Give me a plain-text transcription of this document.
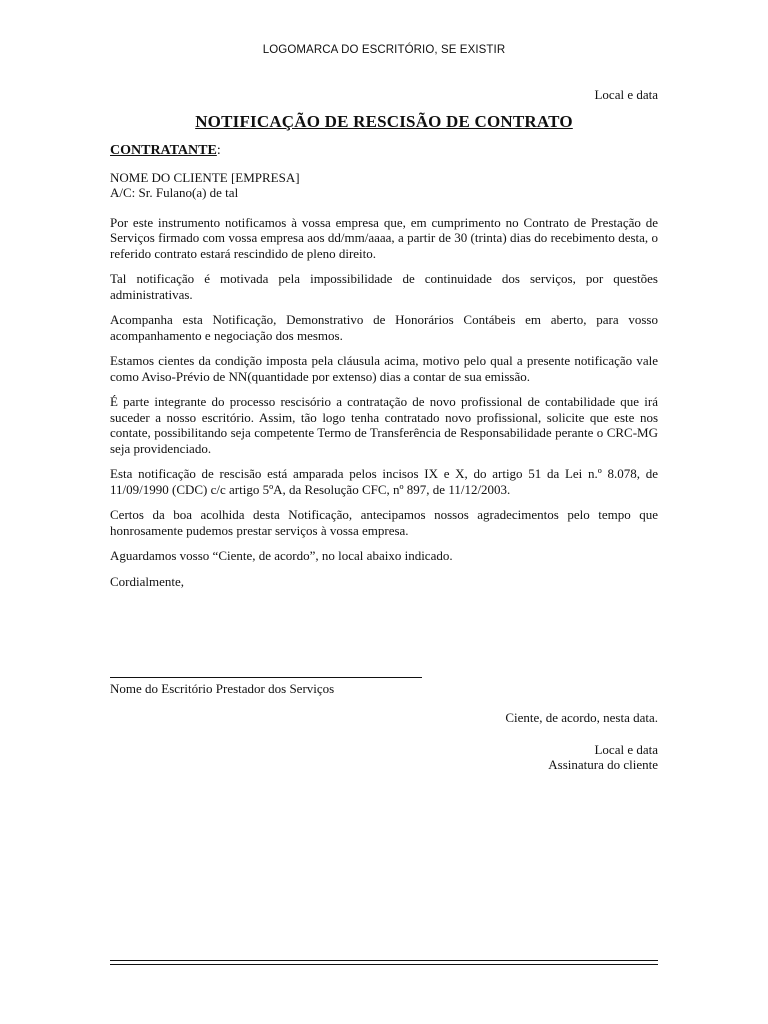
LOGOMARCA DO ESCRITÓRIO, SE EXISTIR
Local e data
NOTIFICAÇÃO DE RESCISÃO DE CONTRATO
CONTRATANTE:
NOME DO CLIENTE [EMPRESA]
A/C: Sr. Fulano(a) de tal

Por este instrumento notificamos à vossa empresa que, em cumprimento no Contrato de Prestação de Serviços firmado com vossa empresa aos dd/mm/aaaa, a partir de 30 (trinta) dias do recebimento desta, o referido contrato estará rescindido de pleno direito.

Tal notificação é motivada pela impossibilidade de continuidade dos serviços, por questões administrativas.

Acompanha esta Notificação, Demonstrativo de Honorários Contábeis em aberto, para vosso acompanhamento e negociação dos mesmos.

Estamos cientes da condição imposta pela cláusula acima, motivo pelo qual a presente notificação vale como Aviso-Prévio de NN(quantidade por extenso) dias a contar de sua emissão.

É parte integrante do processo rescisório a contratação de novo profissional de contabilidade que irá suceder a nosso escritório. Assim, tão logo tenha contratado novo profissional, solicite que este nos contate, possibilitando seja competente Termo de Transferência de Responsabilidade perante o CRC-MG seja providenciado.

Esta notificação de rescisão está amparada pelos incisos IX e X, do artigo 51 da Lei n.º 8.078, de 11/09/1990 (CDC) c/c artigo 5ºA, da Resolução CFC, nº 897, de 11/12/2003.

Certos da boa acolhida desta Notificação, antecipamos nossos agradecimentos pelo tempo que honrosamente pudemos prestar serviços à vossa empresa.

Aguardamos vosso “Ciente, de acordo”, no local abaixo indicado.

Cordialmente,

Nome do Escritório Prestador dos Serviços
Ciente, de acordo, nesta data.
Local e data
Assinatura do cliente
